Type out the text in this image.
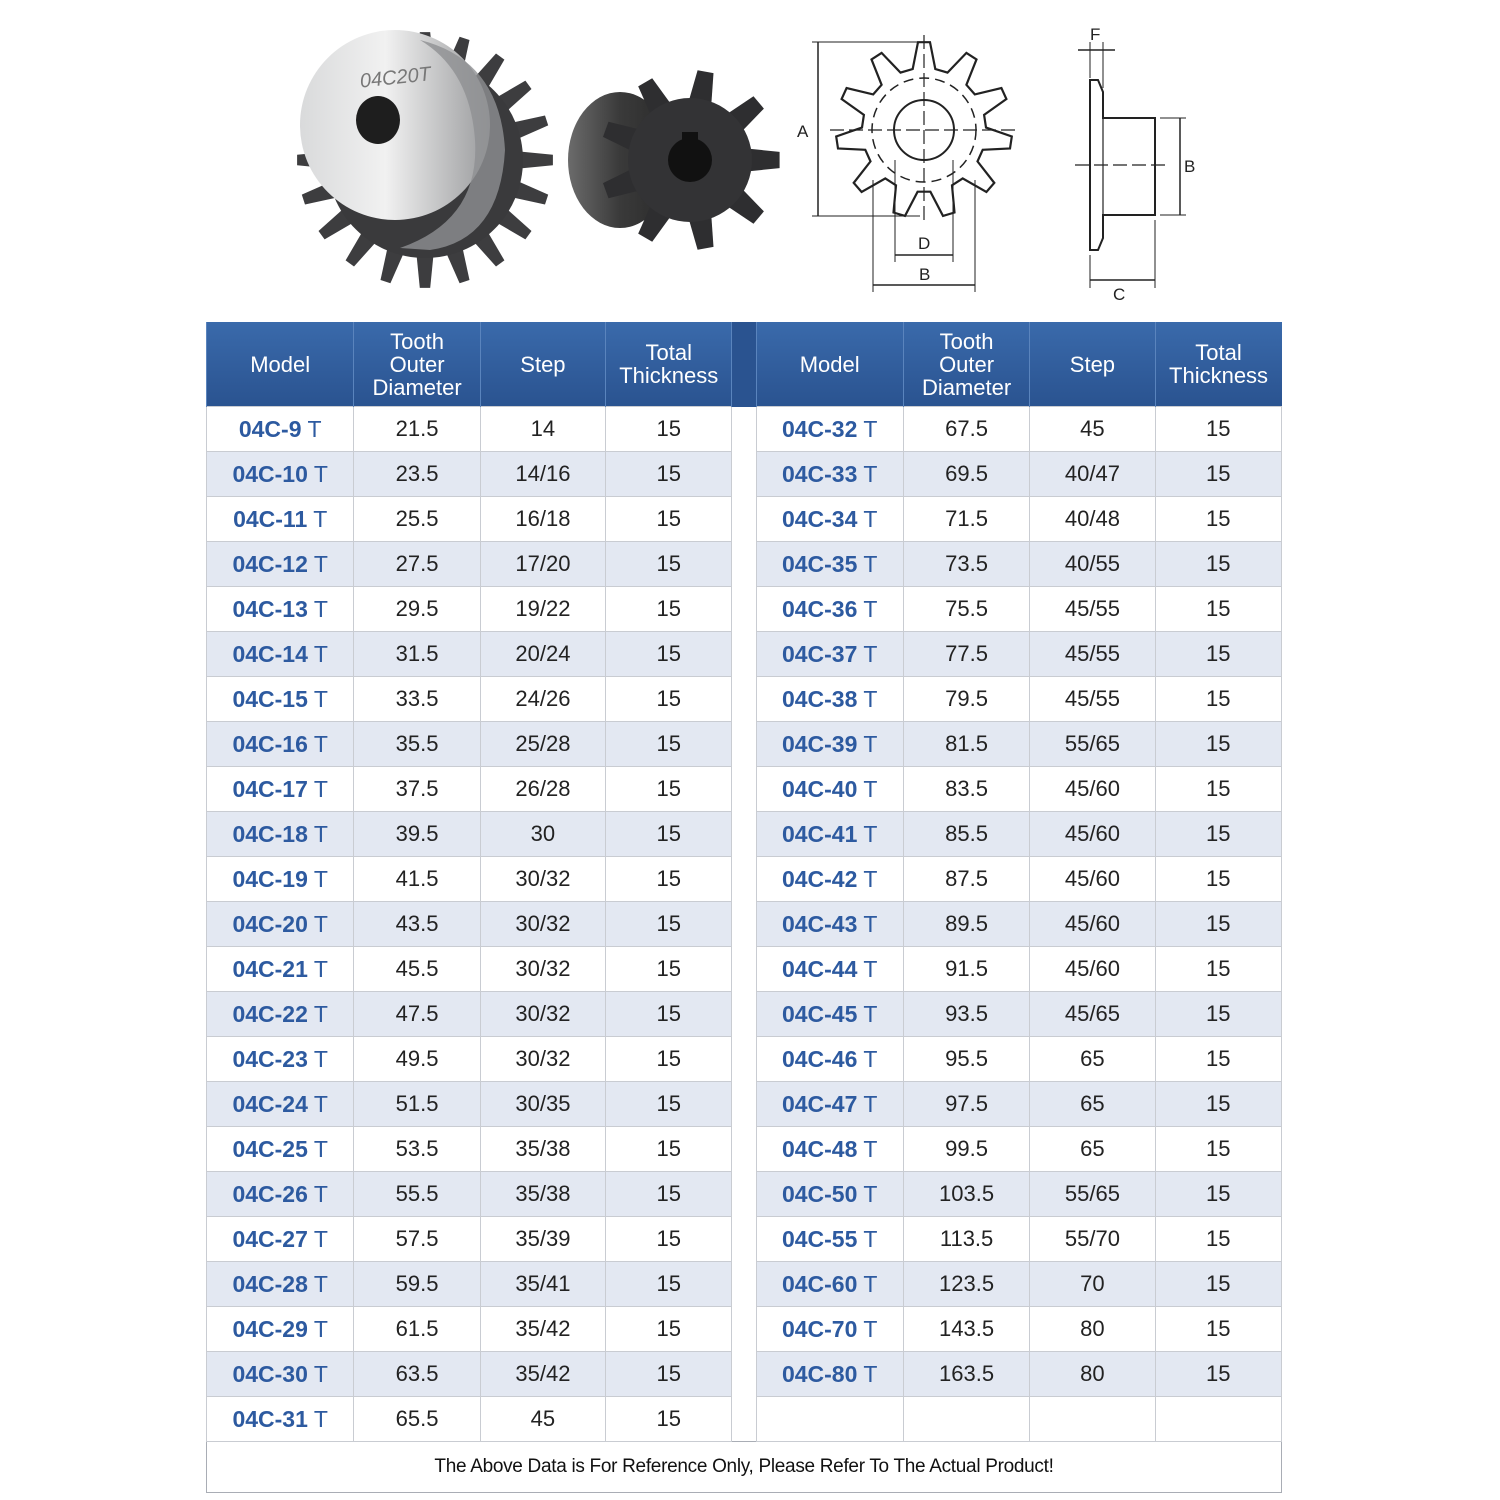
04C20T
A
D
B
F
B
C
Model	Tooth
Outer
Diameter	Step	Total
Thickness		Model	Tooth
Outer
Diameter	Step	Total
Thickness
04C-9 T	21.5	14	15		04C-32 T	67.5	45	15
04C-10 T	23.5	14/16	15		04C-33 T	69.5	40/47	15
04C-11 T	25.5	16/18	15		04C-34 T	71.5	40/48	15
04C-12 T	27.5	17/20	15		04C-35 T	73.5	40/55	15
04C-13 T	29.5	19/22	15		04C-36 T	75.5	45/55	15
04C-14 T	31.5	20/24	15		04C-37 T	77.5	45/55	15
04C-15 T	33.5	24/26	15		04C-38 T	79.5	45/55	15
04C-16 T	35.5	25/28	15		04C-39 T	81.5	55/65	15
04C-17 T	37.5	26/28	15		04C-40 T	83.5	45/60	15
04C-18 T	39.5	30	15		04C-41 T	85.5	45/60	15
04C-19 T	41.5	30/32	15		04C-42 T	87.5	45/60	15
04C-20 T	43.5	30/32	15		04C-43 T	89.5	45/60	15
04C-21 T	45.5	30/32	15		04C-44 T	91.5	45/60	15
04C-22 T	47.5	30/32	15		04C-45 T	93.5	45/65	15
04C-23 T	49.5	30/32	15		04C-46 T	95.5	65	15
04C-24 T	51.5	30/35	15		04C-47 T	97.5	65	15
04C-25 T	53.5	35/38	15		04C-48 T	99.5	65	15
04C-26 T	55.5	35/38	15		04C-50 T	103.5	55/65	15
04C-27 T	57.5	35/39	15		04C-55 T	113.5	55/70	15
04C-28 T	59.5	35/41	15		04C-60 T	123.5	70	15
04C-29 T	61.5	35/42	15		04C-70 T	143.5	80	15
04C-30 T	63.5	35/42	15		04C-80 T	163.5	80	15
04C-31 T	65.5	45	15					
The Above Data is For Reference Only, Please Refer To The Actual Product!								
